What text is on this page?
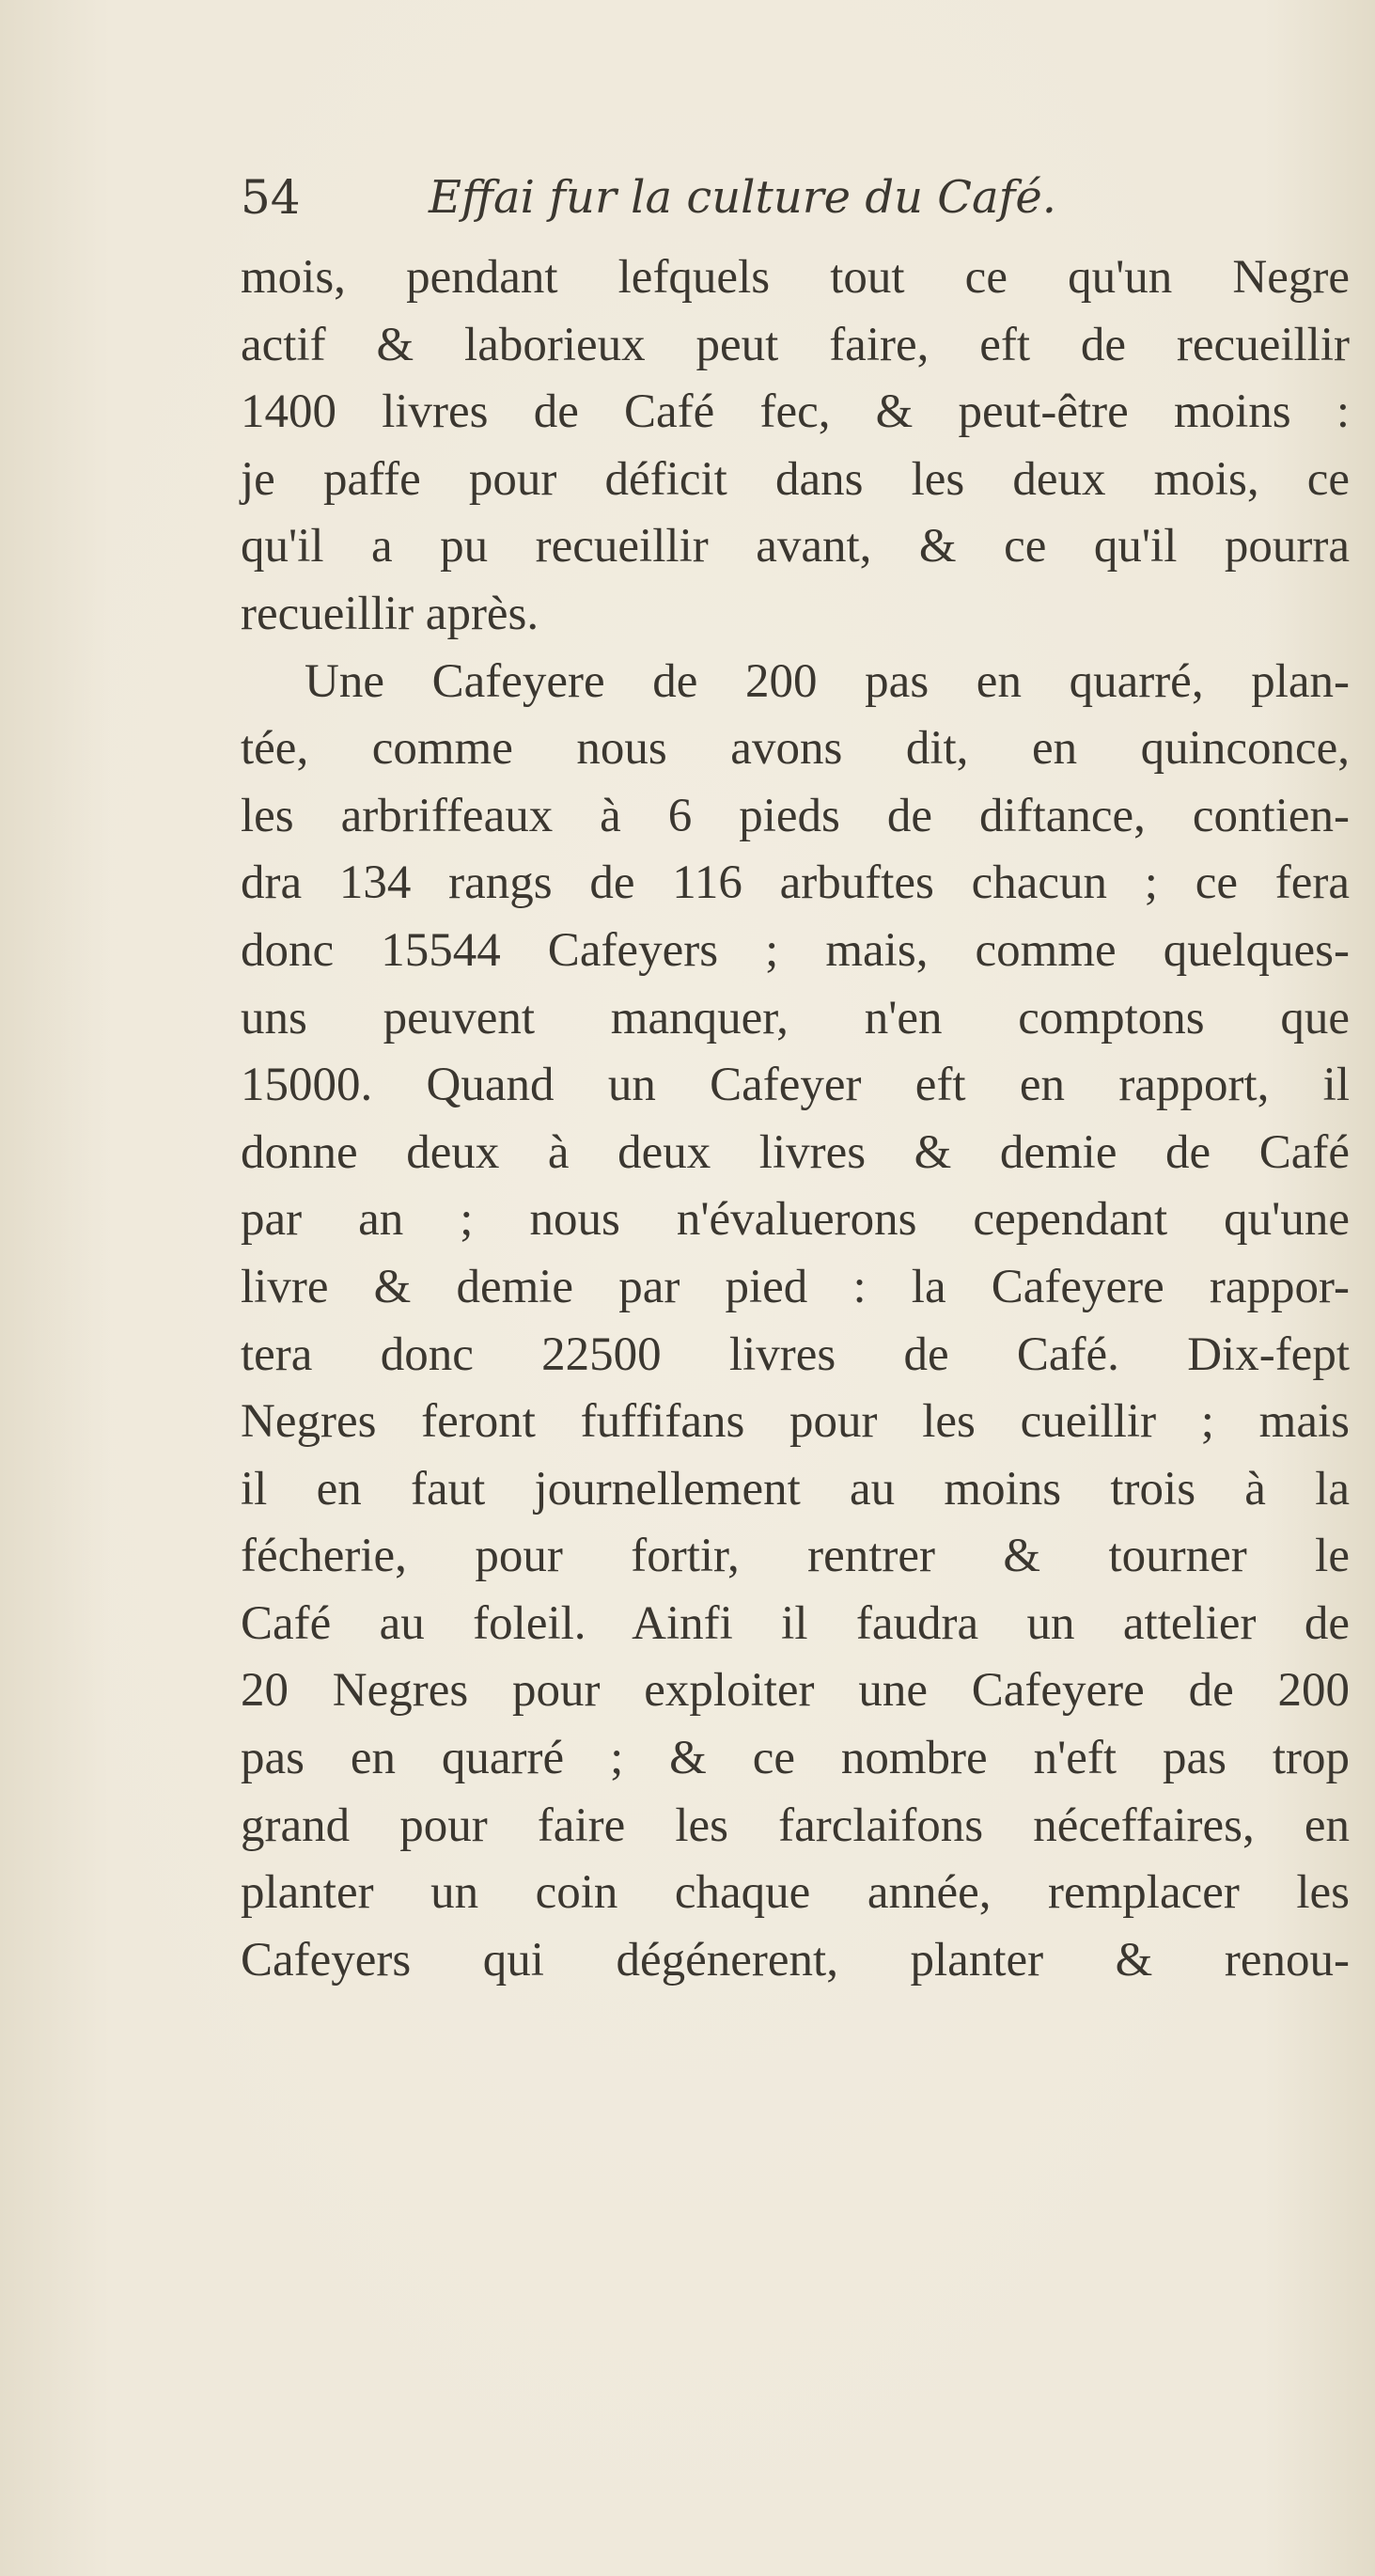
54	Effai fur la culture du Café.
mois, pendant lefquels tout ce qu'un Negre
actif & laborieux peut faire, eft de recueillir
1400 livres de Café fec, & peut-être moins :
je paffe pour déficit dans les deux mois, ce
qu'il a pu recueillir avant, & ce qu'il pourra
recueillir après.
Une Cafeyere de 200 pas en quarré, plan-
tée, comme nous avons dit, en quinconce,
les arbriffeaux à 6 pieds de diftance, contien-
dra 134 rangs de 116 arbuftes chacun ; ce fera
donc 15544 Cafeyers ; mais, comme quelques-
uns peuvent manquer, n'en comptons que
15000. Quand un Cafeyer eft en rapport, il
donne deux à deux livres & demie de Café
par an ; nous n'évaluerons cependant qu'une
livre & demie par pied : la Cafeyere rappor-
tera donc 22500 livres de Café. Dix-fept
Negres feront fuffifans pour les cueillir ; mais
il en faut journellement au moins trois à la
fécherie, pour fortir, rentrer & tourner le
Café au foleil. Ainfi il faudra un attelier de
20 Negres pour exploiter une Cafeyere de 200
pas en quarré ; & ce nombre n'eft pas trop
grand pour faire les farclaifons néceffaires, en
planter un coin chaque année, remplacer les
Cafeyers qui dégénerent, planter & renou-
